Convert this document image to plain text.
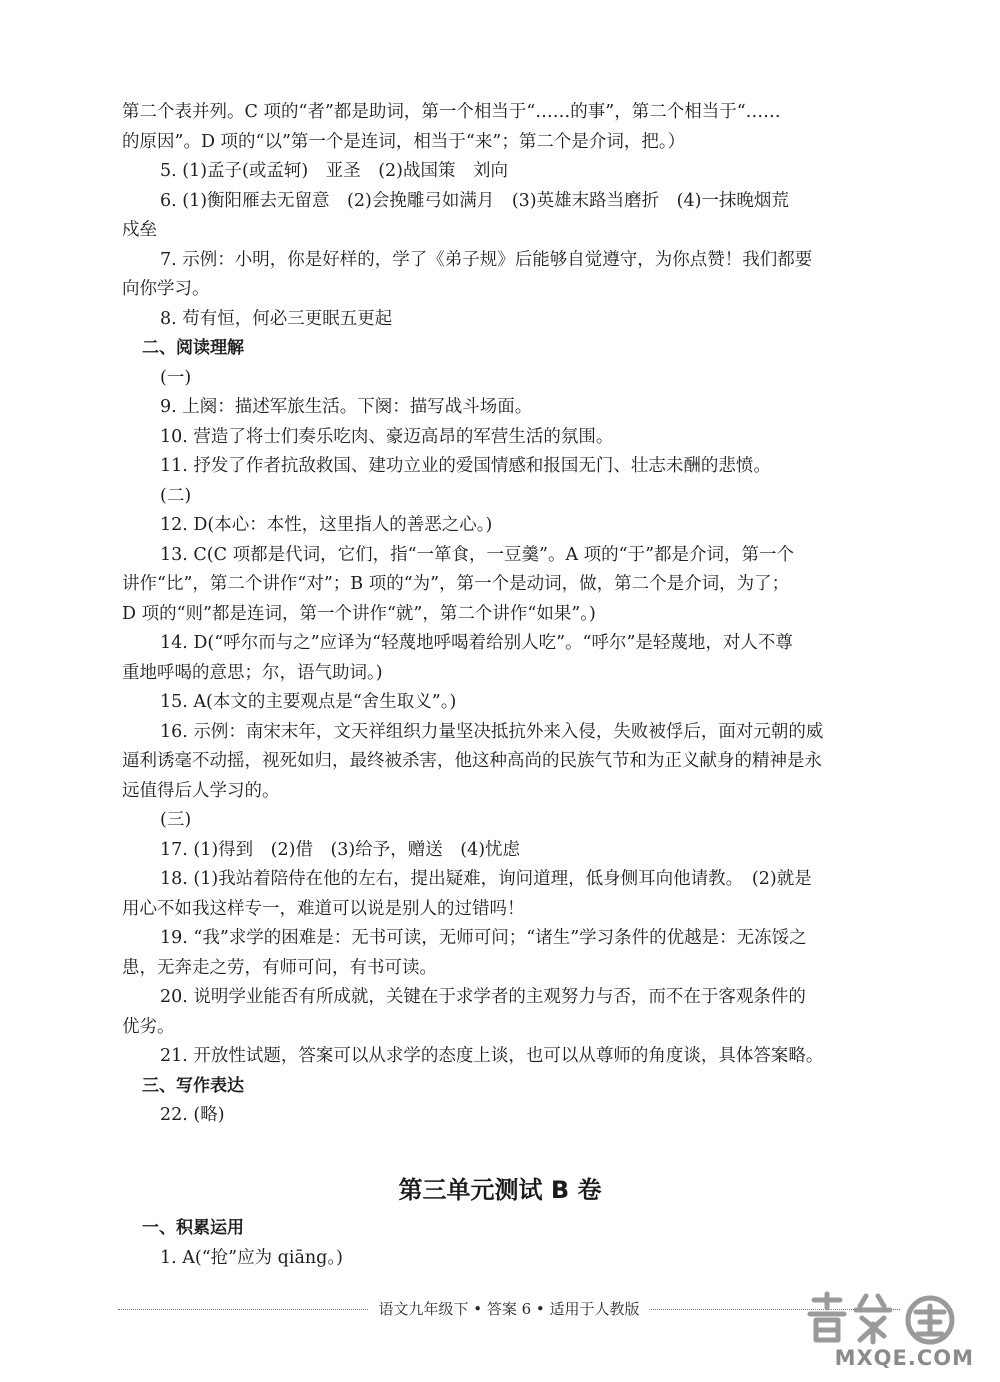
第二个表并列。C 项的“者”都是助词，第一个相当于“……的事”，第二个相当于“……
的原因”。D 项的“以”第一个是连词，相当于“来”；第二个是介词，把。）
5. (1)孟子(或孟轲)　亚圣　(2)战国策　刘向
6. (1)衡阳雁去无留意　(2)会挽雕弓如满月　(3)英雄末路当磨折　(4)一抹晚烟荒
戍垒
7. 示例：小明，你是好样的，学了《弟子规》后能够自觉遵守，为你点赞！我们都要
向你学习。
8. 苟有恒，何必三更眠五更起
二、阅读理解
(一)
9. 上阕：描述军旅生活。下阕：描写战斗场面。
10. 营造了将士们奏乐吃肉、豪迈高昂的军营生活的氛围。
11. 抒发了作者抗敌救国、建功立业的爱国情感和报国无门、壮志未酬的悲愤。
(二)
12. D(本心：本性，这里指人的善恶之心。)
13. C(C 项都是代词，它们，指“一箪食，一豆羹”。A 项的“于”都是介词，第一个
讲作“比”，第二个讲作“对”；B 项的“为”，第一个是动词，做，第二个是介词，为了；
D 项的“则”都是连词，第一个讲作“就”，第二个讲作“如果”。)
14. D(“呼尔而与之”应译为“轻蔑地呼喝着给别人吃”。“呼尔”是轻蔑地，对人不尊
重地呼喝的意思；尔，语气助词。)
15. A(本文的主要观点是“舍生取义”。)
16. 示例：南宋末年，文天祥组织力量坚决抵抗外来入侵，失败被俘后，面对元朝的威
逼利诱毫不动摇，视死如归，最终被杀害，他这种高尚的民族气节和为正义献身的精神是永
远值得后人学习的。
(三)
17. (1)得到　(2)借　(3)给予，赠送　(4)忧虑
18. (1)我站着陪侍在他的左右，提出疑难，询问道理，低身侧耳向他请教。　(2)就是
用心不如我这样专一，难道可以说是别人的过错吗！
19. “我”求学的困难是：无书可读，无师可问；“诸生”学习条件的优越是：无冻馁之
患，无奔走之劳，有师可问，有书可读。
20. 说明学业能否有所成就，关键在于求学者的主观努力与否，而不在于客观条件的
优劣。
21. 开放性试题，答案可以从求学的态度上谈，也可以从尊师的角度谈，具体答案略。
三、写作表达
22. (略)
第三单元测试 B 卷
一、积累运用
1. A(“抢”应为 qiāng。)
语文九年级下 • 答案 6 • 适用于人教版
MXQE.COM
